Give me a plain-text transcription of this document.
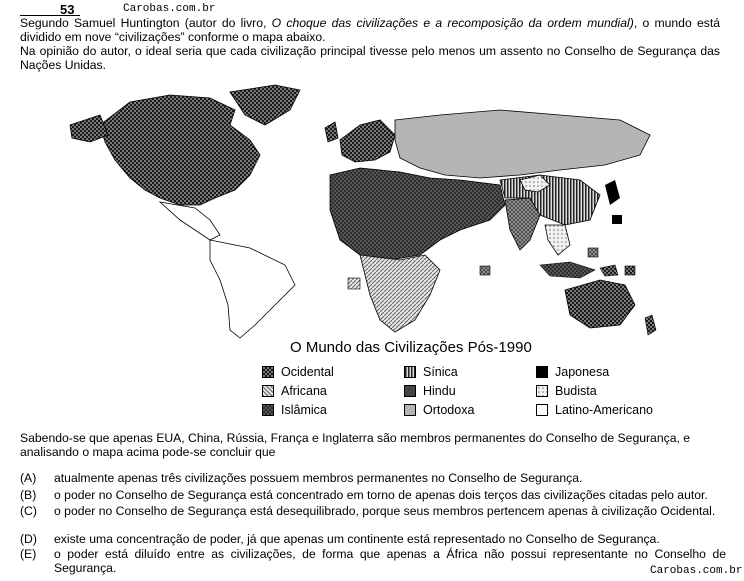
53	Carobas.com.br

Segundo Samuel Huntington (autor do livro, O choque das civilizações e a recomposição da ordem mundial), o mundo está dividido em nove “civilizações” conforme o mapa abaixo.

Na opinião do autor, o ideal seria que cada civilização principal tivesse pelo menos um assento no Conselho de Segurança das Nações Unidas.

O Mundo das Civilizações Pós-1990
Ocidental
Africana
Islâmica
Sínica
Hindu
Ortodoxa
Japonesa
Budista
Latino-Americano
Sabendo-se que apenas EUA, China, Rússia, França e Inglaterra são membros permanentes do Conselho de Segurança, e analisando o mapa acima pode-se concluir que
(A)	atualmente apenas três civilizações possuem membros permanentes no Conselho de Segurança.
(B)	o poder no Conselho de Segurança está concentrado em torno de apenas dois terços das civilizações citadas pelo autor.
(C)	o poder no Conselho de Segurança está desequilibrado, porque seus membros pertencem apenas à civilização Ocidental.
(D)	existe uma concentração de poder, já que apenas um continente está representado no Conselho de Segurança.
(E)	o poder está diluído entre as civilizações, de forma que apenas a África não possui representante no Conselho de Segurança.	Carobas.com.br
